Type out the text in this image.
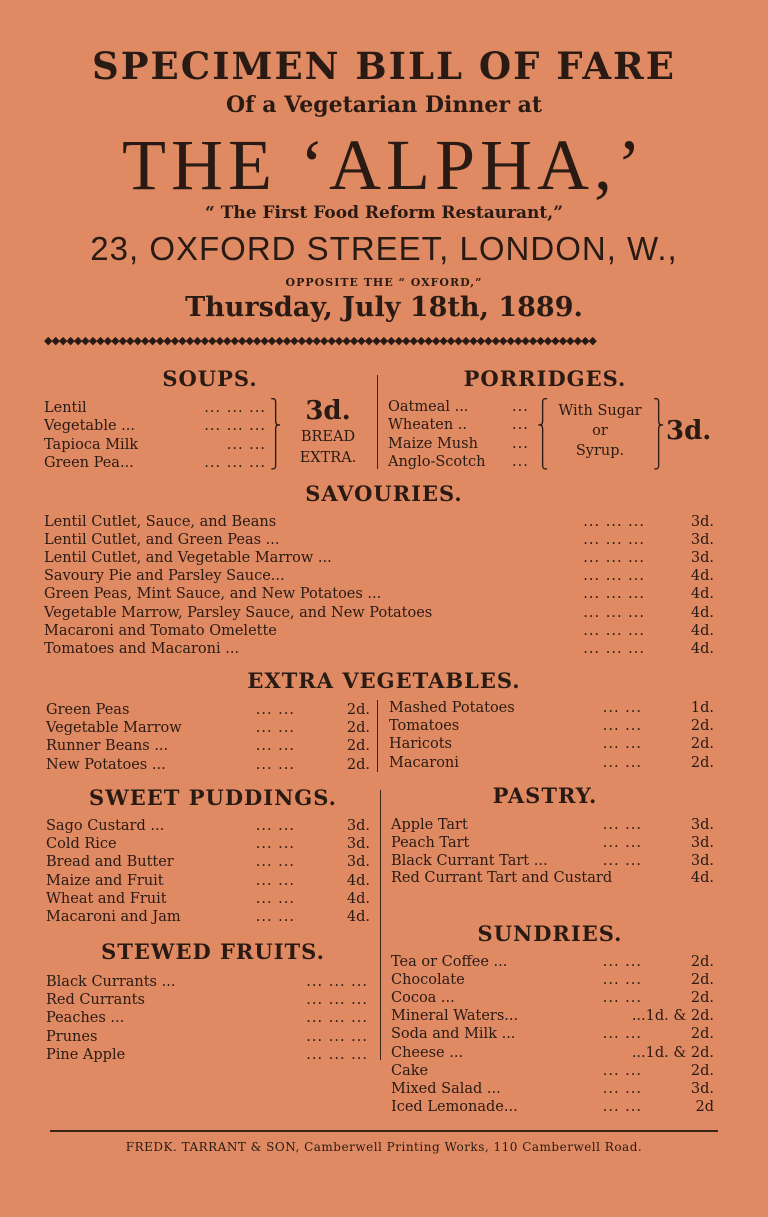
SPECIMEN BILL OF FARE
Of a Vegetarian Dinner at
THE ‘ALPHA,’
“ The First Food Reform Restaurant,”
23, OXFORD STREET, LONDON, W.,
OPPOSITE THE “ OXFORD,”
Thursday, July 18th, 1889.
◆◆◆◆◆◆◆◆◆◆◆◆◆◆◆◆◆◆◆◆◆◆◆◆◆◆◆◆◆◆◆◆◆◆◆◆◆◆◆◆◆◆◆◆◆◆◆◆◆◆◆◆◆◆◆◆◆◆◆◆◆◆◆◆◆◆◆◆◆◆◆◆◆◆
SOUPS.
Lentil	... ... ...
Vegetable ...	... ... ...
Tapioca Milk	... ...
Green Pea...	... ... ...
⎫
⎬
⎪
⎭
3d.
BREAD
EXTRA.
PORRIDGES.
Oatmeal ...	...
Wheaten ..	...
Maize Mush ...
Anglo-Scotch ...
⎧
⎨
⎪
⎩
With Sugar
or
Syrup.
⎫
⎬
⎪
⎭
3d.
SAVOURIES.
Lentil Cutlet, Sauce, and Beans	... ... ...	3d.
Lentil Cutlet, and Green Peas ...	... ... ...	3d.
Lentil Cutlet, and Vegetable Marrow ...	... ... ...	3d.
Savoury Pie and Parsley Sauce...	... ... ...	4d.
Green Peas, Mint Sauce, and New Potatoes ...	... ... ...	4d.
Vegetable Marrow, Parsley Sauce, and New Potatoes	... ... ...	4d.
Macaroni and Tomato Omelette	... ... ...	4d.
Tomatoes and Macaroni ...	... ... ...	4d.
EXTRA VEGETABLES.
Green Peas	... ...	2d.
Vegetable Marrow	... ...	2d.
Runner Beans ...	... ...	2d.
New Potatoes ...	... ...	2d.
Mashed Potatoes	... ...	1d.
Tomatoes	... ...	2d.
Haricots	... ...	2d.
Macaroni	... ...	2d.
SWEET PUDDINGS.
Sago Custard ...	... ...	3d.
Cold Rice	... ...	3d.
Bread and Butter	... ...	3d.
Maize and Fruit	... ...	4d.
Wheat and Fruit	... ...	4d.
Macaroni and Jam	... ...	4d.
PASTRY.
Apple Tart	... ...	3d.
Peach Tart	... ...	3d.
Black Currant Tart ...	... ...	3d.
Red Currant Tart and Custard	4d.
STEWED FRUITS.
Black Currants ...	... ... ...
Red Currants	... ... ...
Peaches ...	... ... ...
Prunes	... ... ...
Pine Apple	... ... ...
SUNDRIES.
Tea or Coffee ...	... ...	2d.
Chocolate	... ...	2d.
Cocoa ...	... ...	2d.
Mineral Waters...	...1d. & 2d.
Soda and Milk ...	... ...	2d.
Cheese ...	...1d. & 2d.
Cake	... ...	2d.
Mixed Salad ...	... ...	3d.
Iced Lemonade...	... ...	2d
FREDK. TARRANT & SON, Camberwell Printing Works, 110 Camberwell Road.
